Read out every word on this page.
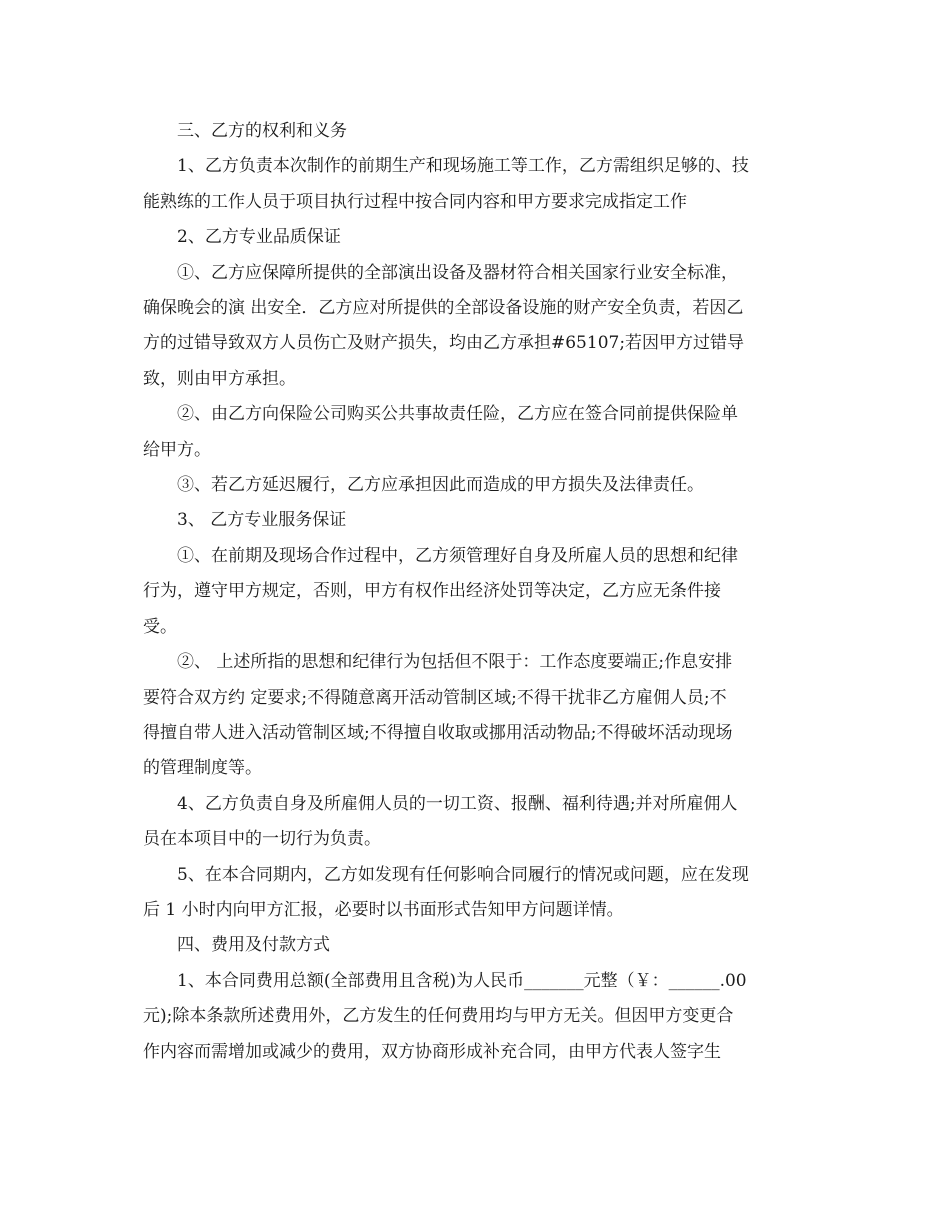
三、乙方的权利和义务
1、乙方负责本次制作的前期生产和现场施工等工作，乙方需组织足够的、技
能熟练的工作人员于项目执行过程中按合同内容和甲方要求完成指定工作
2、乙方专业品质保证
①、乙方应保障所提供的全部演出设备及器材符合相关国家行业安全标准，
确保晚会的演 出安全．乙方应对所提供的全部设备设施的财产安全负责，若因乙
方的过错导致双方人员伤亡及财产损失，均由乙方承担#65107;若因甲方过错导
致，则由甲方承担。
②、由乙方向保险公司购买公共事故责任险，乙方应在签合同前提供保险单
给甲方。
③、若乙方延迟履行，乙方应承担因此而造成的甲方损失及法律责任。
3、 乙方专业服务保证
①、在前期及现场合作过程中，乙方须管理好自身及所雇人员的思想和纪律
行为，遵守甲方规定，否则，甲方有权作出经济处罚等决定，乙方应无条件接
受。
②、 上述所指的思想和纪律行为包括但不限于：工作态度要端正;作息安排
要符合双方约 定要求;不得随意离开活动管制区域;不得干扰非乙方雇佣人员;不
得擅自带人进入活动管制区域;不得擅自收取或挪用活动物品;不得破坏活动现场
的管理制度等。
4、乙方负责自身及所雇佣人员的一切工资、报酬、福利待遇;并对所雇佣人
员在本项目中的一切行为负责。
5、在本合同期内，乙方如发现有任何影响合同履行的情况或问题，应在发现
后 1 小时内向甲方汇报，必要时以书面形式告知甲方问题详情。
四、费用及付款方式
1、本合同费用总额(全部费用且含税)为人民币_______元整（￥：______.00
元);除本条款所述费用外，乙方发生的任何费用均与甲方无关。但因甲方变更合
作内容而需增加或减少的费用，双方协商形成补充合同，由甲方代表人签字生
